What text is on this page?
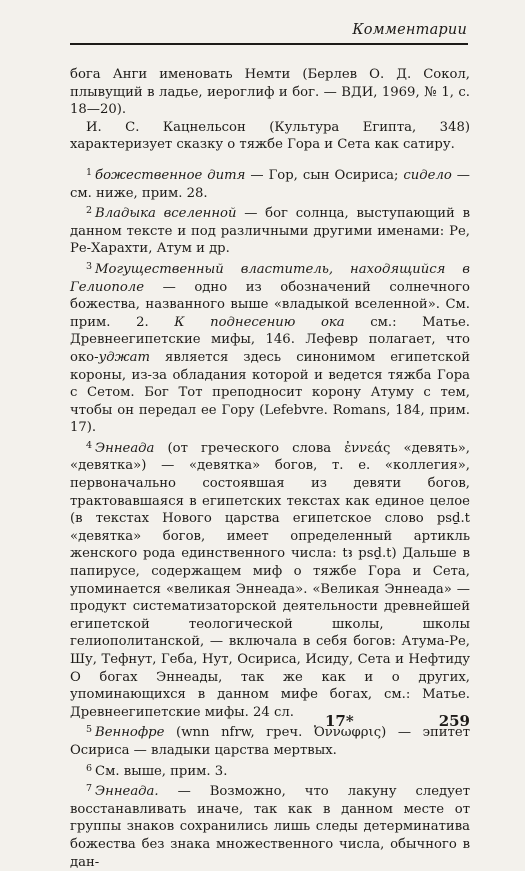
Комментарии

богa Анги именовать Немти (Берлев О. Д. Сокол, плывущий в ладье, иероглиф и бог. — ВДИ, 1969, № 1, с. 18—20).

И. С. Кацнельсон (Культура Египта, 348) характеризует сказку о тяжбе Гора и Сета как сатиру.

$^1$ божественное дитя — Гор, сын Осириса; сидело — см. ниже, прим. 28.

$^2$ Владыка вселенной — бог солнца, выступающий в данном тексте и под различными другими именами: Ре, Ре-Харахти, Атум и др.

$^3$ Могущественный властитель, находящийся в Гелиополе — одно из обозначений солнечного божества, названного выше «владыкой вселенной». См. прим. 2. К поднесению ока см.: Матье. Древнеегипетские мифы, 146. Лефевр полагает, что око-уджат является здесь синонимом египетской короны, из-за обладания которой и ведется тяжба Гора с Сетом. Бог Тот преподносит корону Атуму с тем, чтобы он передал ее Гору (Lefebvre. Romans, 184, прим. 17).

$^4$ Эннеада (от греческого слова ἐννεάς «девять», «девятка») — «девятка» богов, т. е. «коллегия», первоначально состоявшая из девяти богов, трактовавшаяся в египетских текстах как единое целое (в текстах Нового царства египетское слово psḏ.t «девятка» богов, имеет определенный артикль женского рода единственного числа: tꜣ psḏ.t) Дальше в папирусе, содержащем миф о тяжбе Гора и Сета, упоминается «великая Эннеада». «Великая Эннеада» — продукт систематизаторской деятельности древнейшей египетской теологической школы, школы гелиополитанской, — включала в себя богов: Атума-Ре, Шу, Тефнут, Геба, Нут, Осириса, Исиду, Сета и Нефтиду О богах Эннеады, так же как и о других, упоминающихся в данном мифе богах, см.: Матье. Древнеегипетские мифы. 24 сл.

$^5$ Веннофре (wnn nfrw, греч. Ὀννωφρις) — эпитет Осириса — владыки царства мертвых.

$^6$ См. выше, прим. 3.

$^7$ Эннеада. — Возможно, что лакуну следует восстанавливать иначе, так как в данном месте от группы знаков сохранились лишь следы детерминатива божества без знака множественного числа, обычного в дан-

17*	259
